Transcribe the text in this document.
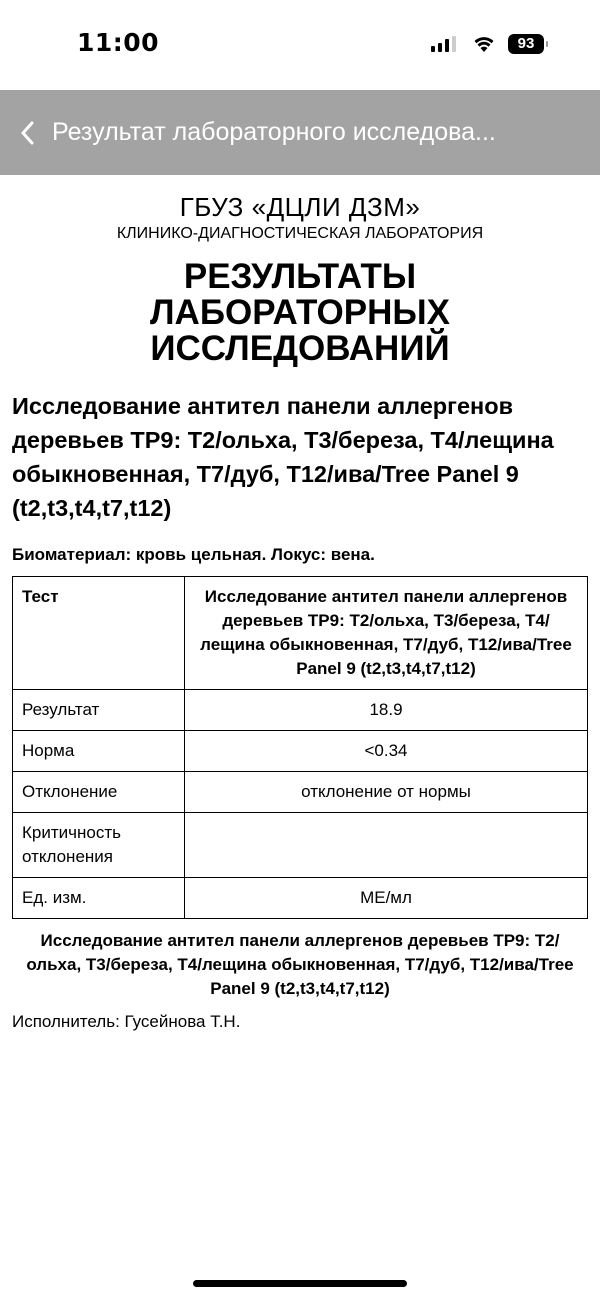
11:00	93
Результат лабораторного исследова...
ГБУЗ «ДЦЛИ ДЗМ»
КЛИНИКО-ДИАГНОСТИЧЕСКАЯ ЛАБОРАТОРИЯ
РЕЗУЛЬТАТЫ ЛАБОРАТОРНЫХ ИССЛЕДОВАНИЙ
Исследование антител панели аллергенов деревьев TP9: T2/ольха, T3/береза, T4/лещина обыкновенная, T7/дуб, T12/ива/Tree Panel 9 (t2,t3,t4,t7,t12)
Биоматериал: кровь цельная. Локус: вена.
Тест	Исследование антител панели аллергенов деревьев TP9: T2/ольха, T3/береза, T4/лещина обыкновенная, T7/дуб, T12/ива/Tree Panel 9 (t2,t3,t4,t7,t12)
Результат	18.9
Норма	<0.34
Отклонение	отклонение от нормы
Критичность отклонения	
Ед. изм.	МЕ/мл
Исследование антител панели аллергенов деревьев TP9: T2/ольха, T3/береза, T4/лещина обыкновенная, T7/дуб, T12/ива/Tree Panel 9 (t2,t3,t4,t7,t12)
Исполнитель: Гусейнова Т.Н.
